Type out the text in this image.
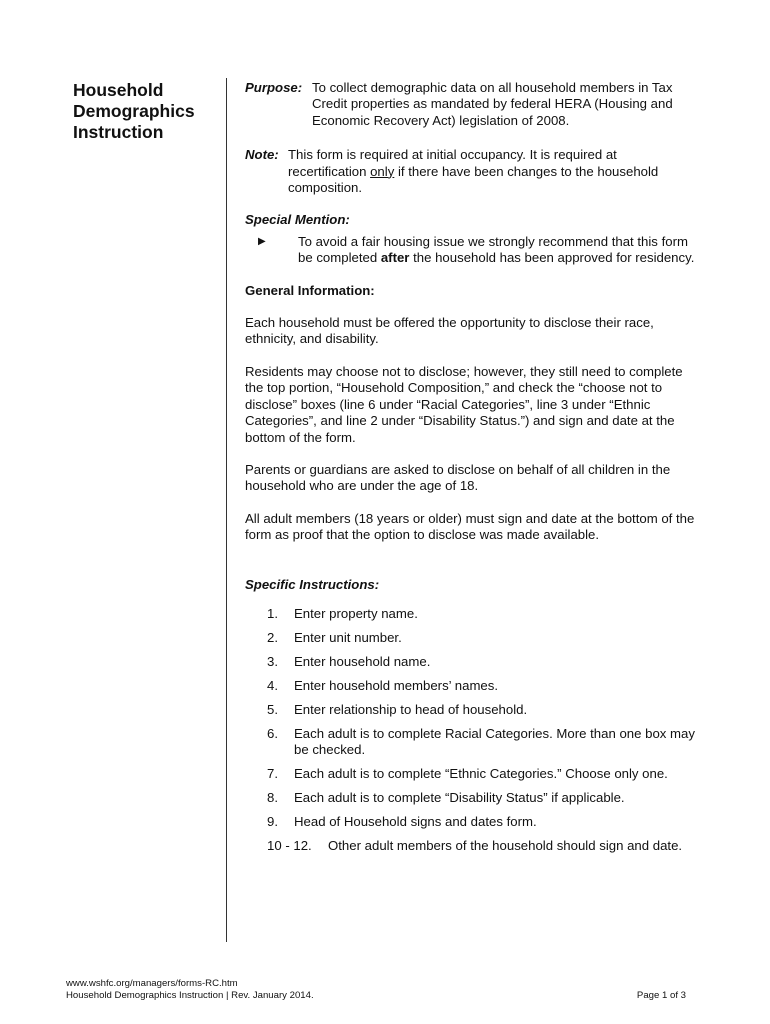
Household
Demographics
Instruction
Purpose: To collect demographic data on all household members in Tax Credit properties as mandated by federal HERA (Housing and Economic Recovery Act) legislation of 2008.
Note: This form is required at initial occupancy. It is required at recertification only if there have been changes to the household composition.
Special Mention:
▶	To avoid a fair housing issue we strongly recommend that this form be completed after the household has been approved for residency.
General Information:

Each household must be offered the opportunity to disclose their race, ethnicity, and disability.

Residents may choose not to disclose; however, they still need to complete the top portion, “Household Composition,” and check the “choose not to disclose” boxes (line 6 under “Racial Categories”, line 3 under “Ethnic Categories”, and line 2 under “Disability Status.”) and sign and date at the bottom of the form.

Parents or guardians are asked to disclose on behalf of all children in the household who are under the age of 18.

All adult members (18 years or older) must sign and date at the bottom of the form as proof that the option to disclose was made available.

Specific Instructions:
1.	Enter property name.
2.	Enter unit number.
3.	Enter household name.
4.	Enter household members’ names.
5.	Enter relationship to head of household.
6.	Each adult is to complete Racial Categories. More than one box may be checked.
7.	Each adult is to complete “Ethnic Categories.” Choose only one.
8.	Each adult is to complete “Disability Status” if applicable.
9.	Head of Household signs and dates form.
10 - 12.	Other adult members of the household should sign and date.
www.wshfc.org/managers/forms-RC.htm
Household Demographics Instruction | Rev. January 2014.	Page 1 of 3
